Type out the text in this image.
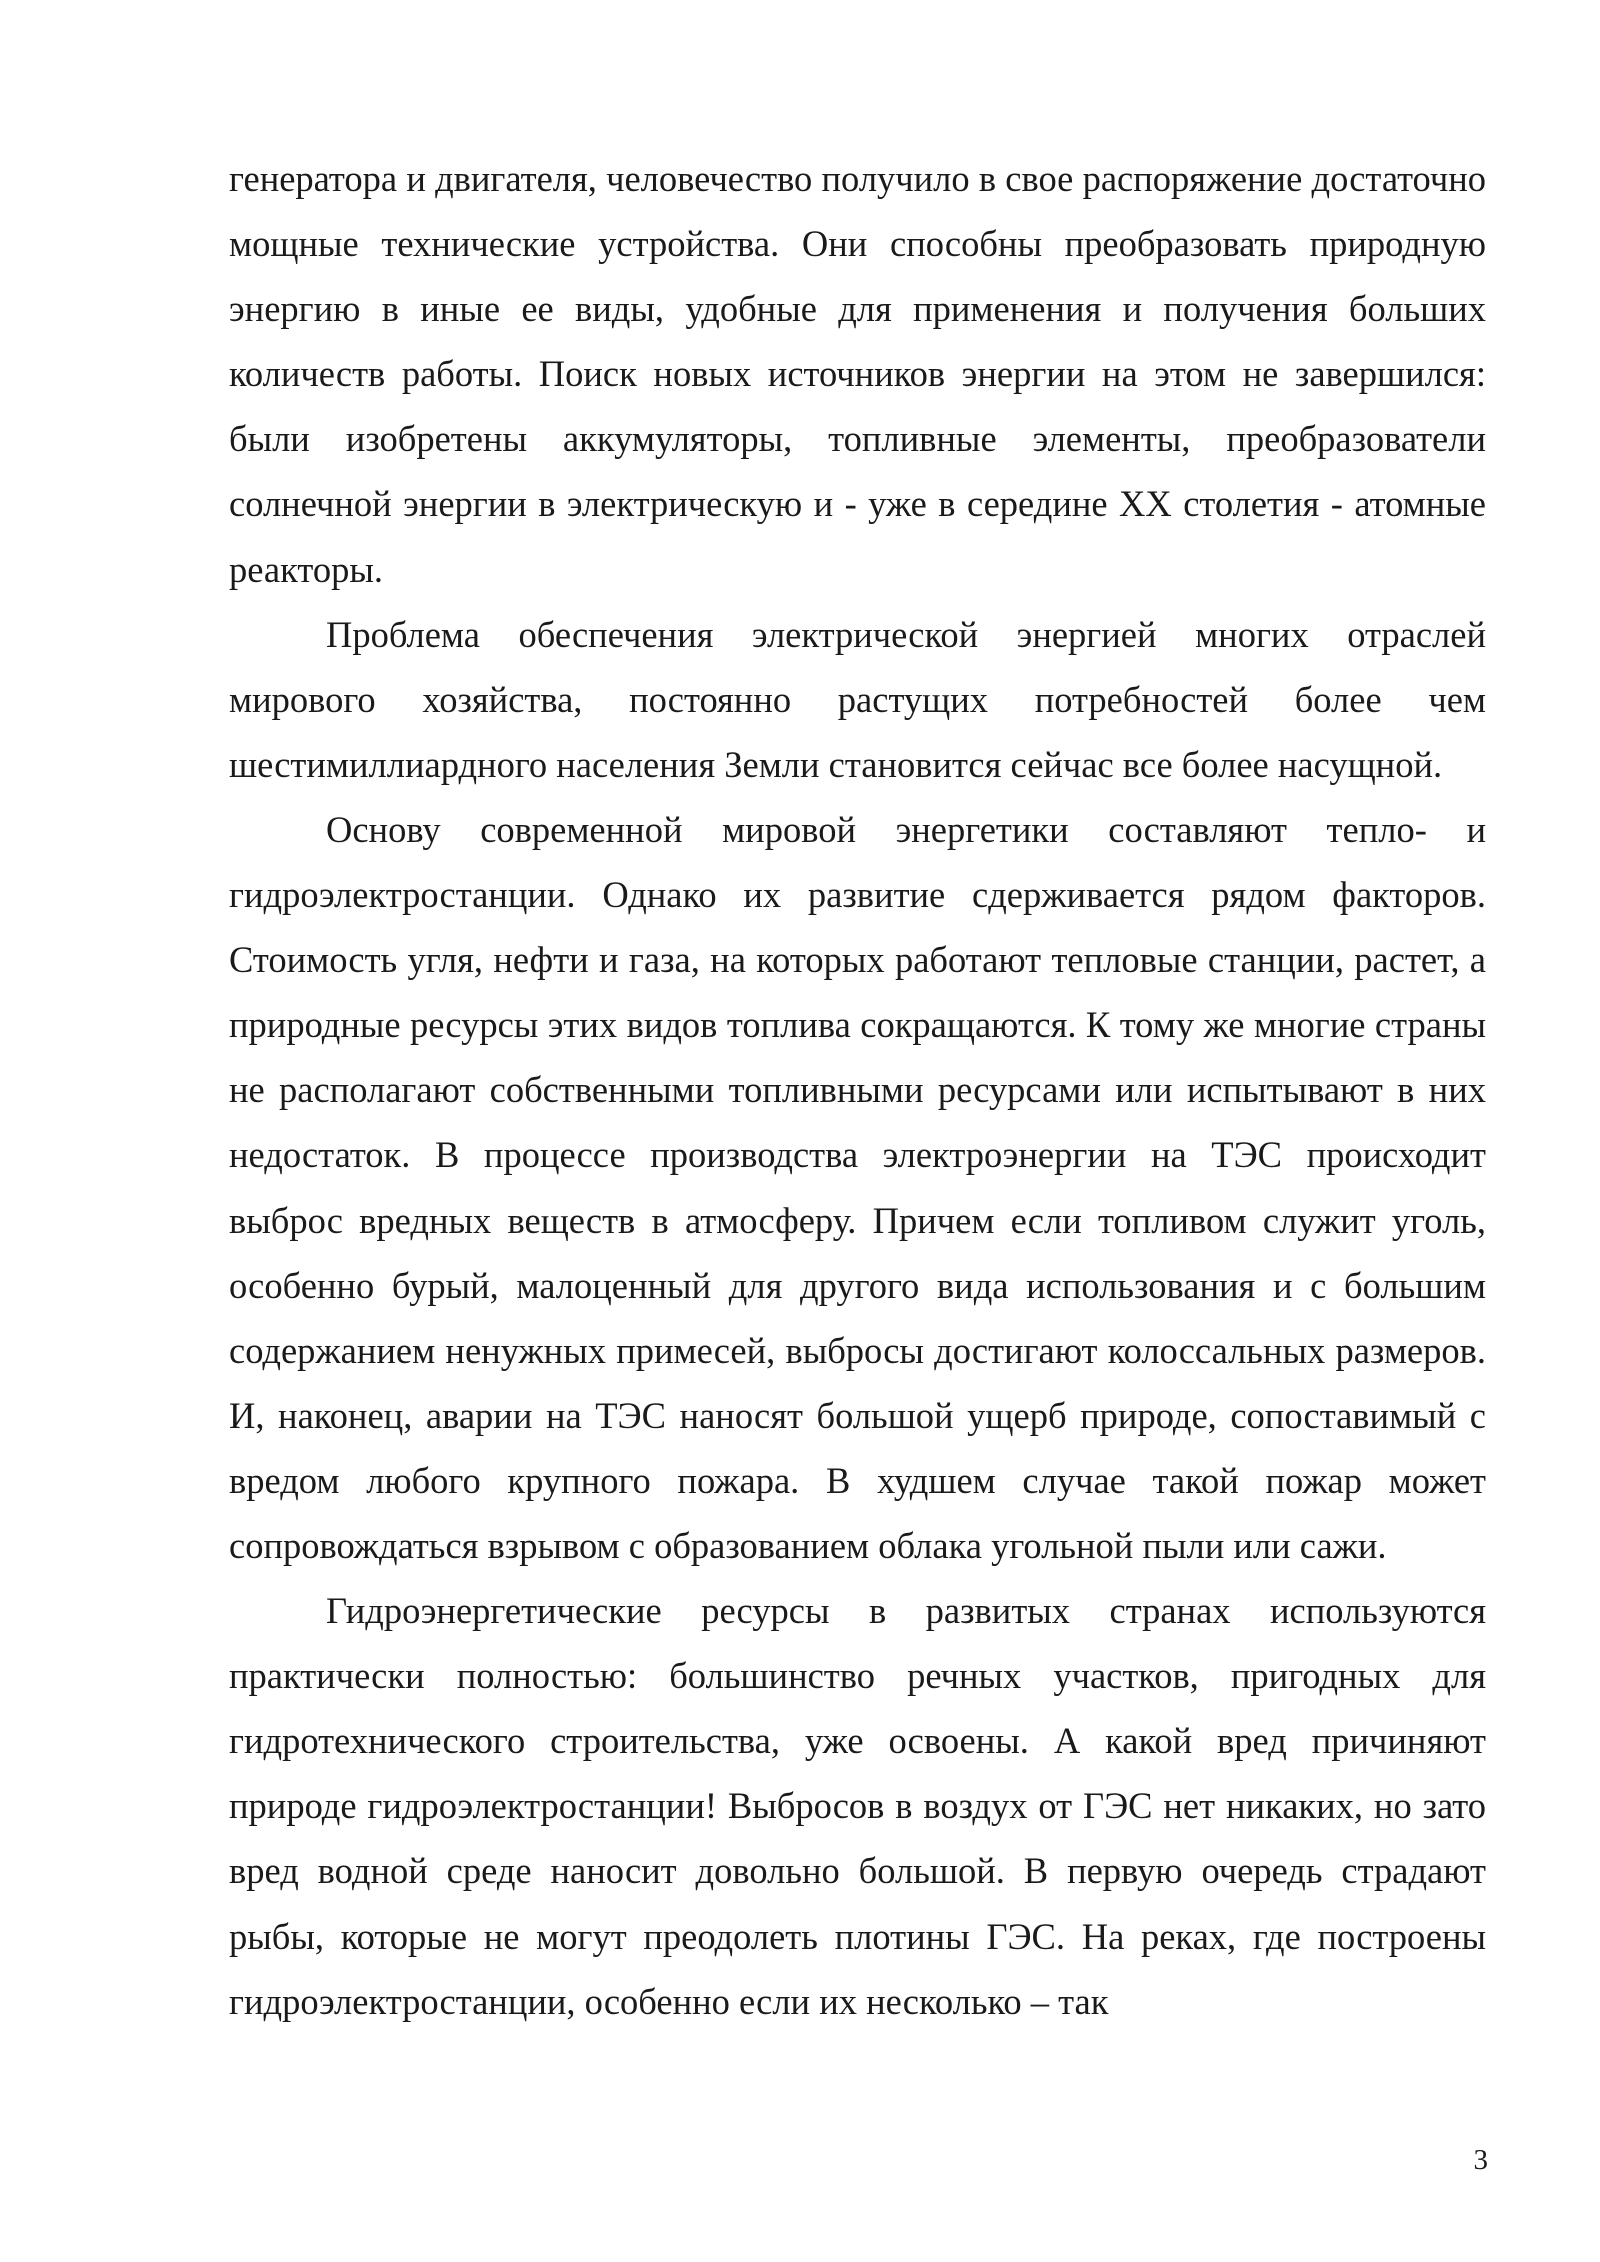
генератора и двигателя, человечество получило в свое распоряжение достаточно мощные технические устройства. Они способны преобразовать природную энергию в иные ее виды, удобные для применения и получения больших количеств работы. Поиск новых источников энергии на этом не завершился: были изобретены аккумуляторы, топливные элементы, преобразователи солнечной энергии в электрическую и - уже в середине XX столетия - атомные реакторы.

Проблема обеспечения электрической энергией многих отраслей мирового хозяйства, постоянно растущих потребностей более чем шестимиллиардного населения Земли становится сейчас все более насущной.

Основу современной мировой энергетики составляют тепло- и гидроэлектростанции. Однако их развитие сдерживается рядом факторов. Стоимость угля, нефти и газа, на которых работают тепловые станции, растет, а природные ресурсы этих видов топлива сокращаются. К тому же многие страны не располагают собственными топливными ресурсами или испытывают в них недостаток. В процессе производства электроэнергии на ТЭС происходит выброс вредных веществ в атмосферу. Причем если топливом служит уголь, особенно бурый, малоценный для другого вида использования и с большим содержанием ненужных примесей, выбросы достигают колоссальных размеров. И, наконец, аварии на ТЭС наносят большой ущерб природе, сопоставимый с вредом любого крупного пожара. В худшем случае такой пожар может сопровождаться взрывом с образованием облака угольной пыли или сажи.

Гидроэнергетические ресурсы в развитых странах используются практически полностью: большинство речных участков, пригодных для гидротехнического строительства, уже освоены. А какой вред причиняют природе гидроэлектростанции! Выбросов в воздух от ГЭС нет никаких, но зато вред водной среде наносит довольно большой. В первую очередь страдают рыбы, которые не могут преодолеть плотины ГЭС. На реках, где построены гидроэлектростанции, особенно если их несколько – так

3
